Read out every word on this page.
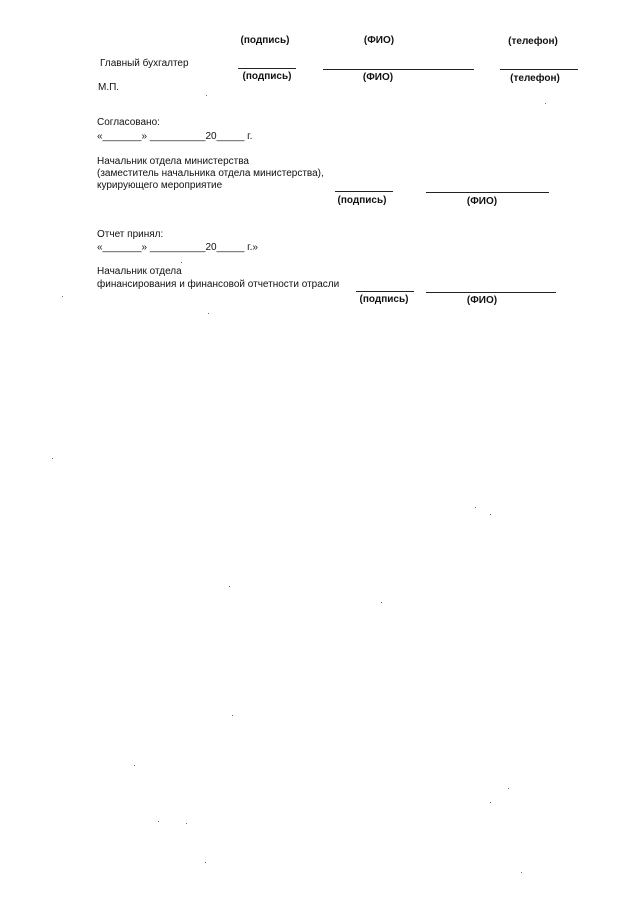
(подпись)	(ФИО)	(телефон)
Главный бухгалтер
(подпись)	(ФИО)	(телефон)
М.П.
Согласовано:
«_______» __________20_____ г.
Начальник отдела министерства
(заместитель начальника отдела министерства),
курирующего мероприятие
(подпись)	(ФИО)
Отчет принял:
«_______» __________20_____ г.»
Начальник отдела
финансирования и финансовой отчетности отрасли
(подпись)	(ФИО)
